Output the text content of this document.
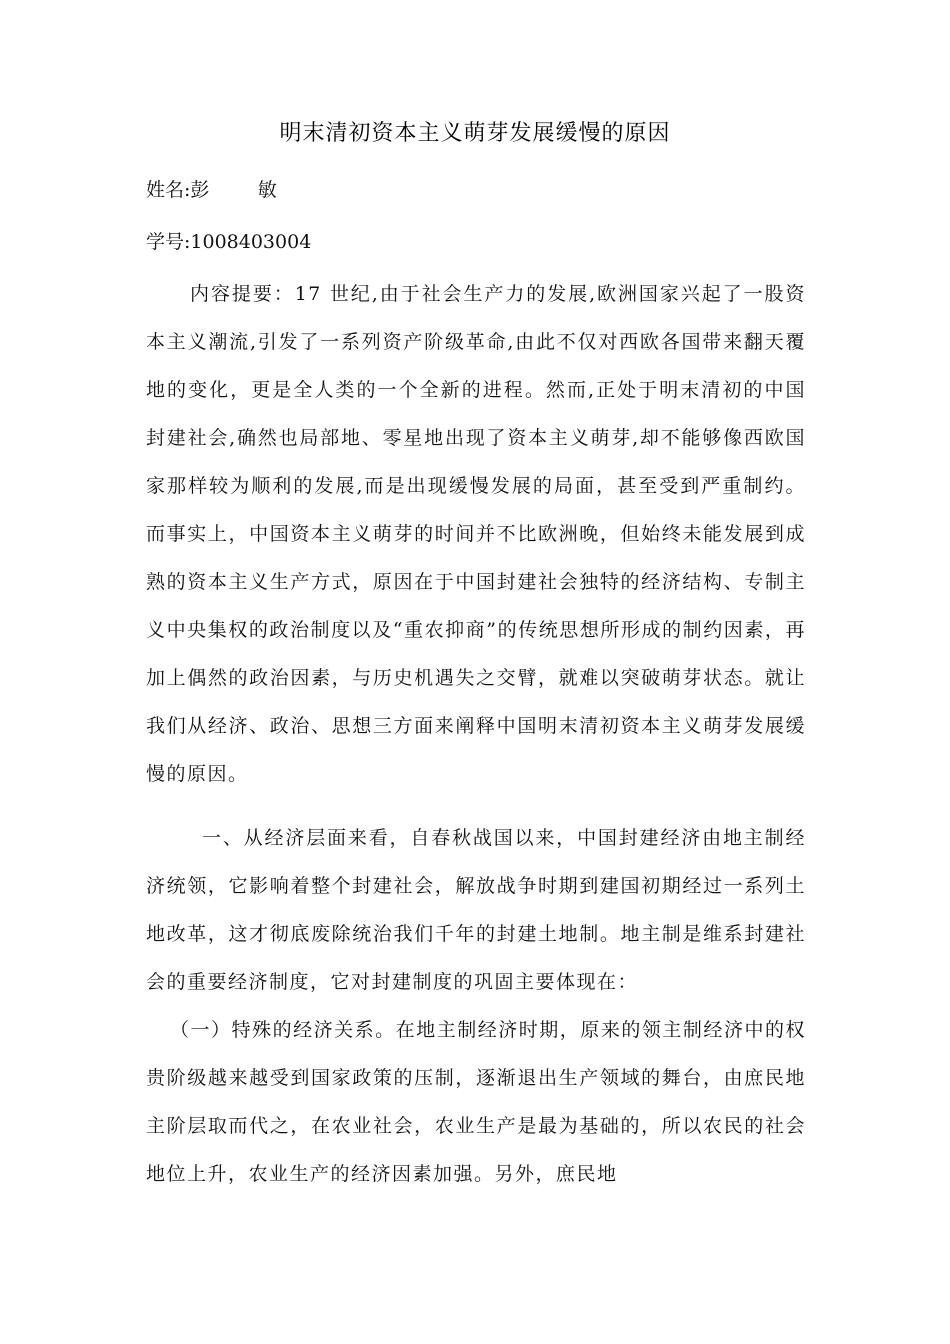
明末清初资本主义萌芽发展缓慢的原因
姓名:彭        敏
学号:1008403004

内容提要：17 世纪,由于社会生产力的发展,欧洲国家兴起了一股资本主义潮流,引发了一系列资产阶级革命,由此不仅对西欧各国带来翻天覆地的变化，更是全人类的一个全新的进程。然而,正处于明末清初的中国封建社会,确然也局部地、零星地出现了资本主义萌芽,却不能够像西欧国家那样较为顺利的发展,而是出现缓慢发展的局面，甚至受到严重制约。而事实上，中国资本主义萌芽的时间并不比欧洲晚，但始终未能发展到成熟的资本主义生产方式，原因在于中国封建社会独特的经济结构、专制主义中央集权的政治制度以及“重农抑商”的传统思想所形成的制约因素，再加上偶然的政治因素，与历史机遇失之交臂，就难以突破萌芽状态。就让我们从经济、政治、思想三方面来阐释中国明末清初资本主义萌芽发展缓慢的原因。

一、从经济层面来看，自春秋战国以来，中国封建经济由地主制经济统领，它影响着整个封建社会，解放战争时期到建国初期经过一系列土地改革，这才彻底废除统治我们千年的封建土地制。地主制是维系封建社会的重要经济制度，它对封建制度的巩固主要体现在：

（一）特殊的经济关系。在地主制经济时期，原来的领主制经济中的权贵阶级越来越受到国家政策的压制，逐渐退出生产领域的舞台，由庶民地主阶层取而代之，在农业社会，农业生产是最为基础的，所以农民的社会地位上升，农业生产的经济因素加强。另外，庶民地
